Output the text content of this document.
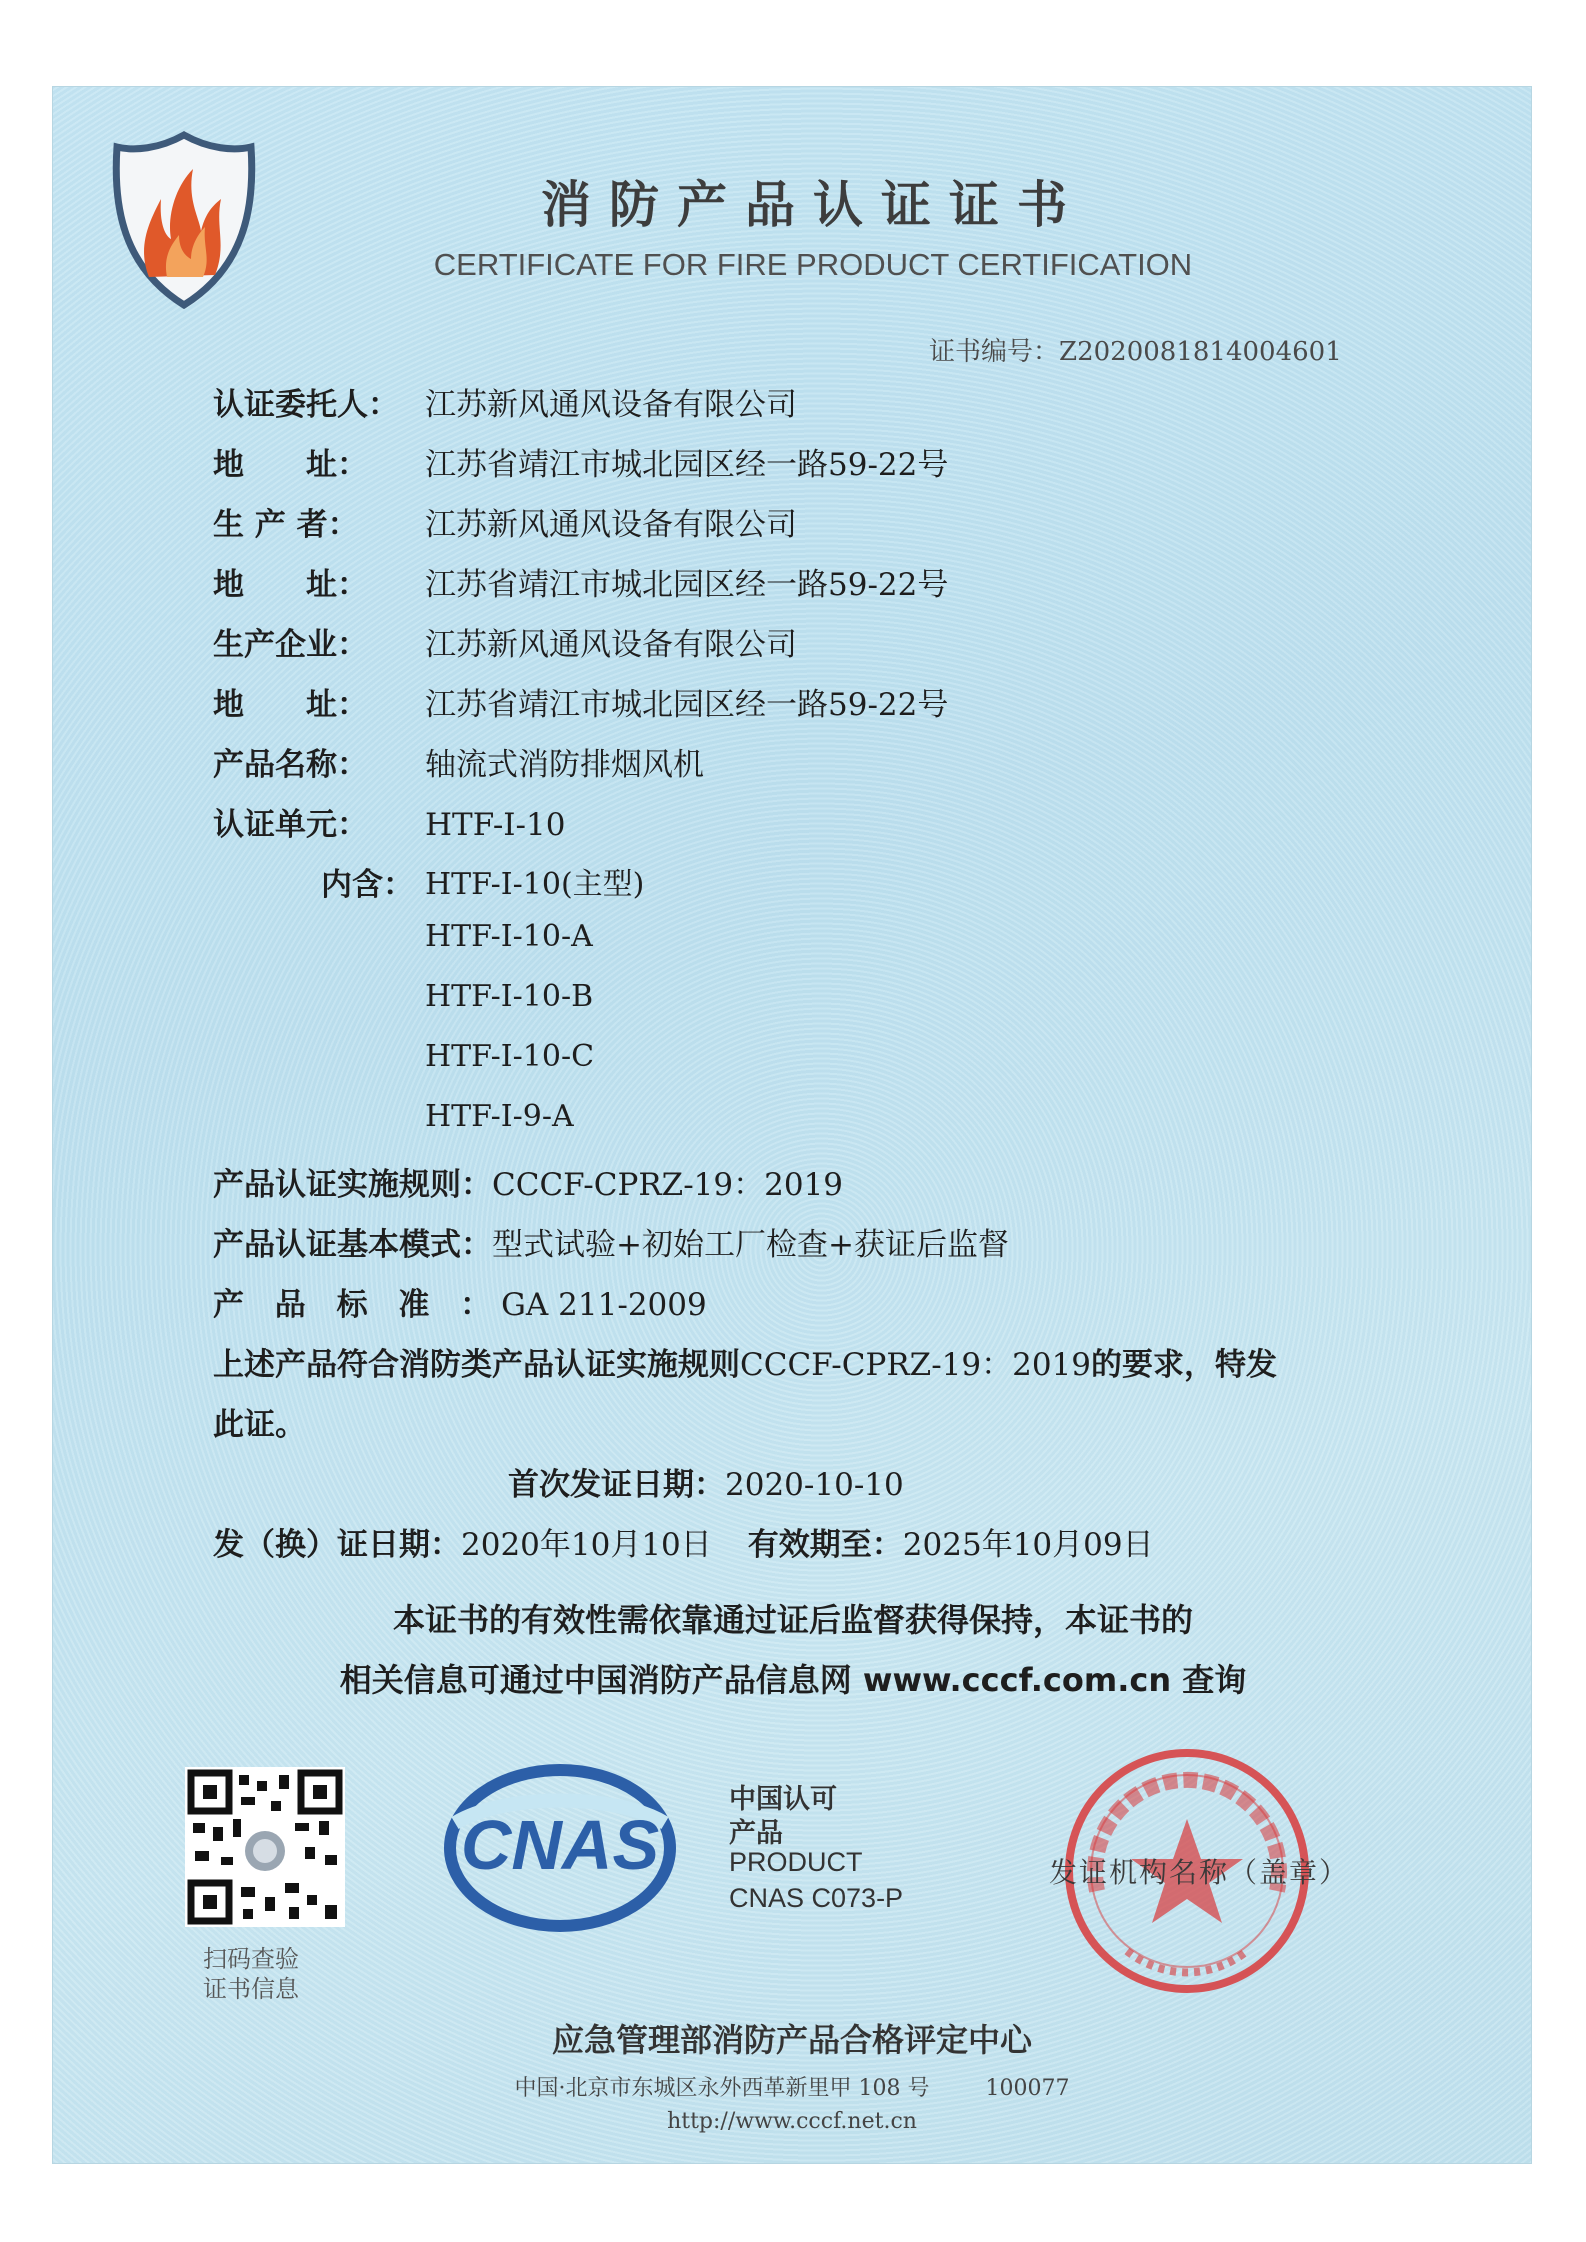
消防产品认证证书
CERTIFICATE FOR FIRE PRODUCT CERTIFICATION
证书编号：Z2020081814004601
认证委托人： 江苏新风通风设备有限公司
地　　址： 江苏省靖江市城北园区经一路59-22号
生 产 者： 江苏新风通风设备有限公司
地　　址： 江苏省靖江市城北园区经一路59-22号
生产企业： 江苏新风通风设备有限公司
地　　址： 江苏省靖江市城北园区经一路59-22号
产品名称： 轴流式消防排烟风机
认证单元： HTF-Ⅰ-10
内含： HTF-Ⅰ-10(主型)
HTF-Ⅰ-10-A
HTF-Ⅰ-10-B
HTF-Ⅰ-10-C
HTF-Ⅰ-9-A
产品认证实施规则：CCCF-CPRZ-19：2019
产品认证基本模式：型式试验+初始工厂检查+获证后监督
产 品 标 准 ：GA 211-2009
上述产品符合消防类产品认证实施规则CCCF-CPRZ-19：2019的要求，特发
此证。
首次发证日期：2020-10-10
发（换）证日期：2020年10月10日 有效期至：2025年10月09日
本证书的有效性需依靠通过证后监督获得保持，本证书的
相关信息可通过中国消防产品信息网 www.cccf.com.cn 查询
扫码查验
证书信息
CNAS
中国认可
产品
PRODUCT
CNAS C073-P
发证机构名称（盖章）
应急管理部消防产品合格评定中心
中国·北京市东城区永外西革新里甲 108 号	100077
http://www.cccf.net.cn
